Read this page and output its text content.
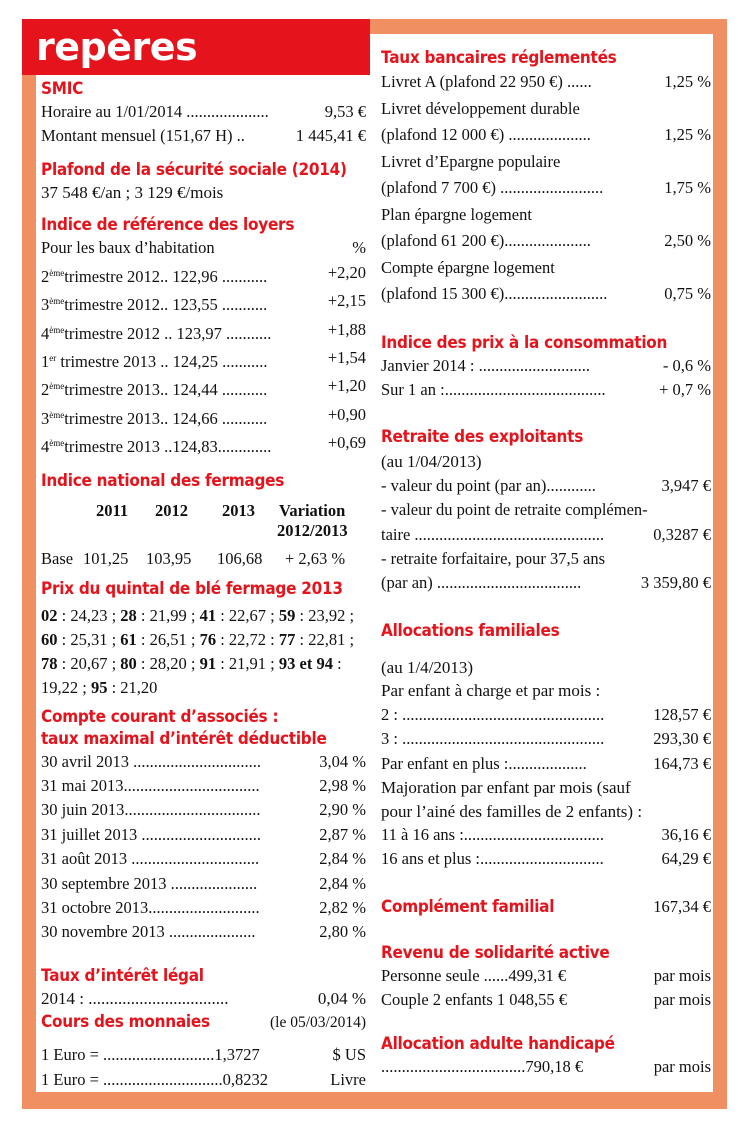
repères
SMIC
Horaire au 1/01/2014 ....................	9,53 €
Montant mensuel (151,67 H) ..	1 445,41 €
Plafond de la sécurité sociale (2014)
37 548 €/an ; 3 129 €/mois
Indice de référence des loyers
Pour les baux d’habitation	%
2èmetrimestre 2012.. 122,96 ...........	+2,20
3èmetrimestre 2012.. 123,55 ...........	+2,15
4èmetrimestre 2012 .. 123,97 ...........	+1,88
1er trimestre 2013 .. 124,25 ...........	+1,54
2èmetrimestre 2013.. 124,44 ...........	+1,20
3èmetrimestre 2013.. 124,66 ...........	+0,90
4èmetrimestre 2013 ..124,83.............	+0,69
Indice national des fermages
2011 2012 2013 Variation
2012/2013
Base 101,25 103,95 106,68 + 2,63 %
Prix du quintal de blé fermage 2013
02 : 24,23 ; 28 : 21,99 ; 41 : 22,67 ; 59 : 23,92 ; 60 : 25,31 ; 61 : 26,51 ; 76 : 22,72 : 77 : 22,81 ; 78 : 20,67 ; 80 : 28,20 ; 91 : 21,91 ; 93 et 94 : 19,22 ; 95 : 21,20
Compte courant d’associés :
taux maximal d’intérêt déductible
30 avril 2013 ...............................	3,04 %
31 mai 2013.................................	2,98 %
30 juin 2013.................................	2,90 %
31 juillet 2013 .............................	2,87 %
31 août 2013 ...............................	2,84 %
30 septembre 2013 .....................	2,84 %
31 octobre 2013...........................	2,82 %
30 novembre 2013 .....................	2,80 %
Taux d’intérêt légal
2014 : .................................	0,04 %
Cours des monnaies	(le 05/03/2014)
1 Euro = ...........................1,3727	$ US
1 Euro = .............................0,8232	Livre
Taux bancaires réglementés
Livret A (plafond 22 950 €) ......	1,25 %
Livret développement durable
(plafond 12 000 €) ....................	1,25 %
Livret d’Epargne populaire
(plafond 7 700 €) .........................	1,75 %
Plan épargne logement
(plafond 61 200 €).....................	2,50 %
Compte épargne logement
(plafond 15 300 €).........................	0,75 %
Indice des prix à la consommation
Janvier 2014 : ...........................	- 0,6 %
Sur 1 an :.......................................	+ 0,7 %
Retraite des exploitants
(au 1/04/2013)
- valeur du point (par an)............	3,947 €
- valeur du point de retraite complémen-
taire ..............................................	0,3287 €
- retraite forfaitaire, pour 37,5 ans
(par an) ...................................	3 359,80 €
Allocations familiales
(au 1/4/2013)
Par enfant à charge et par mois :
2 : .................................................	128,57 €
3 : .................................................	293,30 €
Par enfant en plus :...................	164,73 €
Majoration par enfant par mois (sauf
pour l’ainé des familles de 2 enfants) :
11 à 16 ans :..................................	36,16 €
16 ans et plus :..............................	64,29 €
Complément familial	167,34 €
Revenu de solidarité active
Personne seule ......499,31 €	par mois
Couple 2 enfants 1 048,55 €	par mois
Allocation adulte handicapé
...................................790,18 €	par mois
